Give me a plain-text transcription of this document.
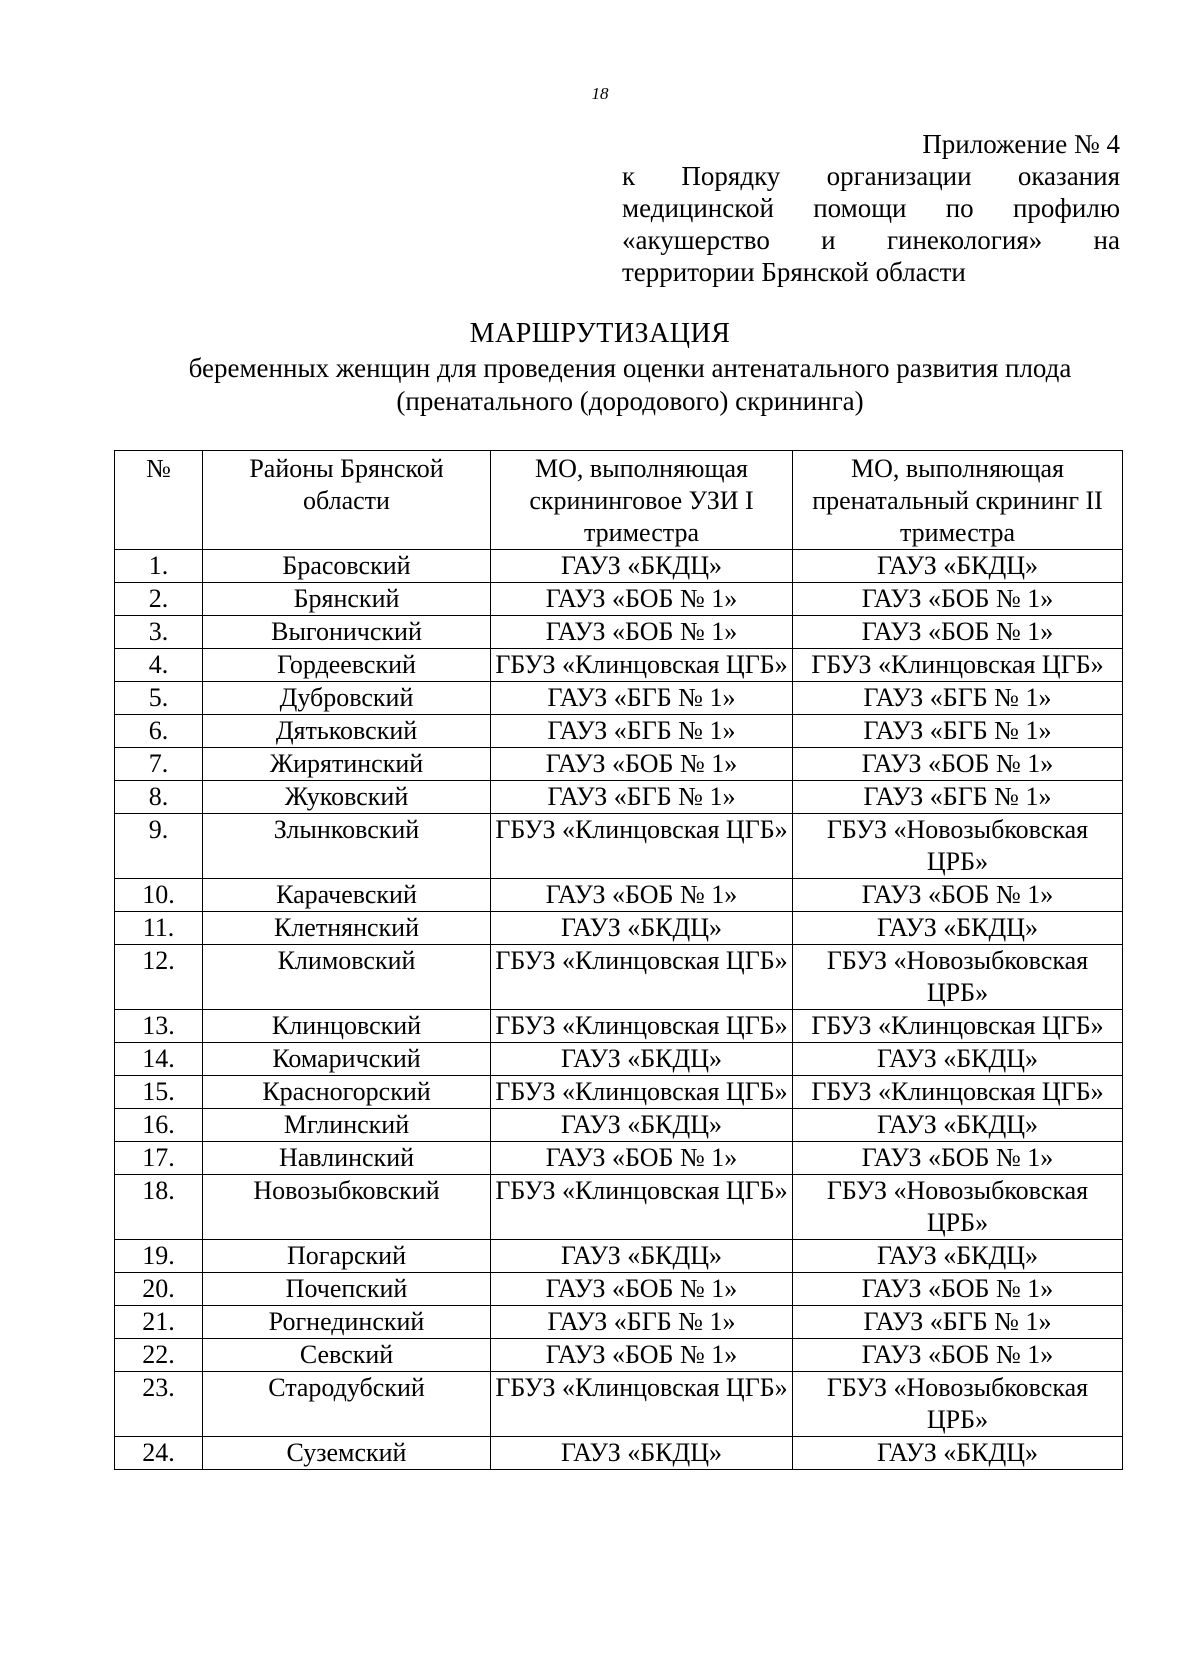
18
Приложение № 4
к Порядку организации оказания
медицинской помощи по профилю
«акушерство и гинекология» на
территории Брянской области
МАРШРУТИЗАЦИЯ
беременных женщин для проведения оценки антенатального развития плода
(пренатального (дородового) скрининга)
№	Районы Брянской области	МО, выполняющая скрининговое УЗИ I триместра	МО, выполняющая пренатальный скрининг II триместра
1.	Брасовский	ГАУЗ «БКДЦ»	ГАУЗ «БКДЦ»
2.	Брянский	ГАУЗ «БОБ № 1»	ГАУЗ «БОБ № 1»
3.	Выгоничский	ГАУЗ «БОБ № 1»	ГАУЗ «БОБ № 1»
4.	Гордеевский	ГБУЗ «Клинцовская ЦГБ»	ГБУЗ «Клинцовская ЦГБ»
5.	Дубровский	ГАУЗ «БГБ № 1»	ГАУЗ «БГБ № 1»
6.	Дятьковский	ГАУЗ «БГБ № 1»	ГАУЗ «БГБ № 1»
7.	Жирятинский	ГАУЗ «БОБ № 1»	ГАУЗ «БОБ № 1»
8.	Жуковский	ГАУЗ «БГБ № 1»	ГАУЗ «БГБ № 1»
9.	Злынковский	ГБУЗ «Клинцовская ЦГБ»	ГБУЗ «Новозыбковская ЦРБ»
10.	Карачевский	ГАУЗ «БОБ № 1»	ГАУЗ «БОБ № 1»
11.	Клетнянский	ГАУЗ «БКДЦ»	ГАУЗ «БКДЦ»
12.	Климовский	ГБУЗ «Клинцовская ЦГБ»	ГБУЗ «Новозыбковская ЦРБ»
13.	Клинцовский	ГБУЗ «Клинцовская ЦГБ»	ГБУЗ «Клинцовская ЦГБ»
14.	Комаричский	ГАУЗ «БКДЦ»	ГАУЗ «БКДЦ»
15.	Красногорский	ГБУЗ «Клинцовская ЦГБ»	ГБУЗ «Клинцовская ЦГБ»
16.	Мглинский	ГАУЗ «БКДЦ»	ГАУЗ «БКДЦ»
17.	Навлинский	ГАУЗ «БОБ № 1»	ГАУЗ «БОБ № 1»
18.	Новозыбковский	ГБУЗ «Клинцовская ЦГБ»	ГБУЗ «Новозыбковская ЦРБ»
19.	Погарский	ГАУЗ «БКДЦ»	ГАУЗ «БКДЦ»
20.	Почепский	ГАУЗ «БОБ № 1»	ГАУЗ «БОБ № 1»
21.	Рогнединский	ГАУЗ «БГБ № 1»	ГАУЗ «БГБ № 1»
22.	Севский	ГАУЗ «БОБ № 1»	ГАУЗ «БОБ № 1»
23.	Стародубский	ГБУЗ «Клинцовская ЦГБ»	ГБУЗ «Новозыбковская ЦРБ»
24.	Суземский	ГАУЗ «БКДЦ»	ГАУЗ «БКДЦ»
